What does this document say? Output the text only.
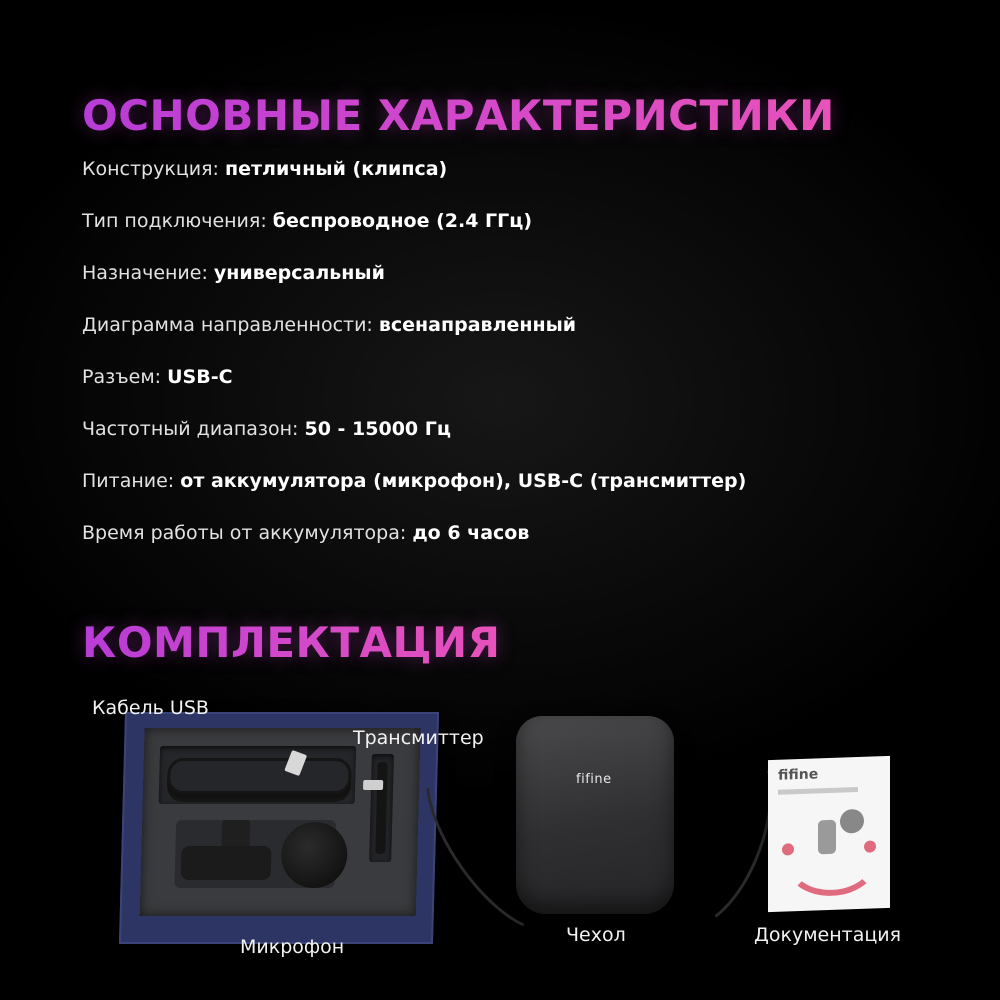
ОСНОВНЫЕ ХАРАКТЕРИСТИКИ
Конструкция: петличный (клипса)
Тип подключения: беспроводное (2.4 ГГц)
Назначение: универсальный
Диаграмма направленности: всенаправленный
Разъем: USB-C
Частотный диапазон: 50 - 15000 Гц
Питание: от аккумулятора (микрофон), USB-C (трансмиттер)
Время работы от аккумулятора: до 6 часов
КОМПЛЕКТАЦИЯ
fifine	fifine
Кабель USB
Трансмиттер
Микрофон
Чехол	Документация
